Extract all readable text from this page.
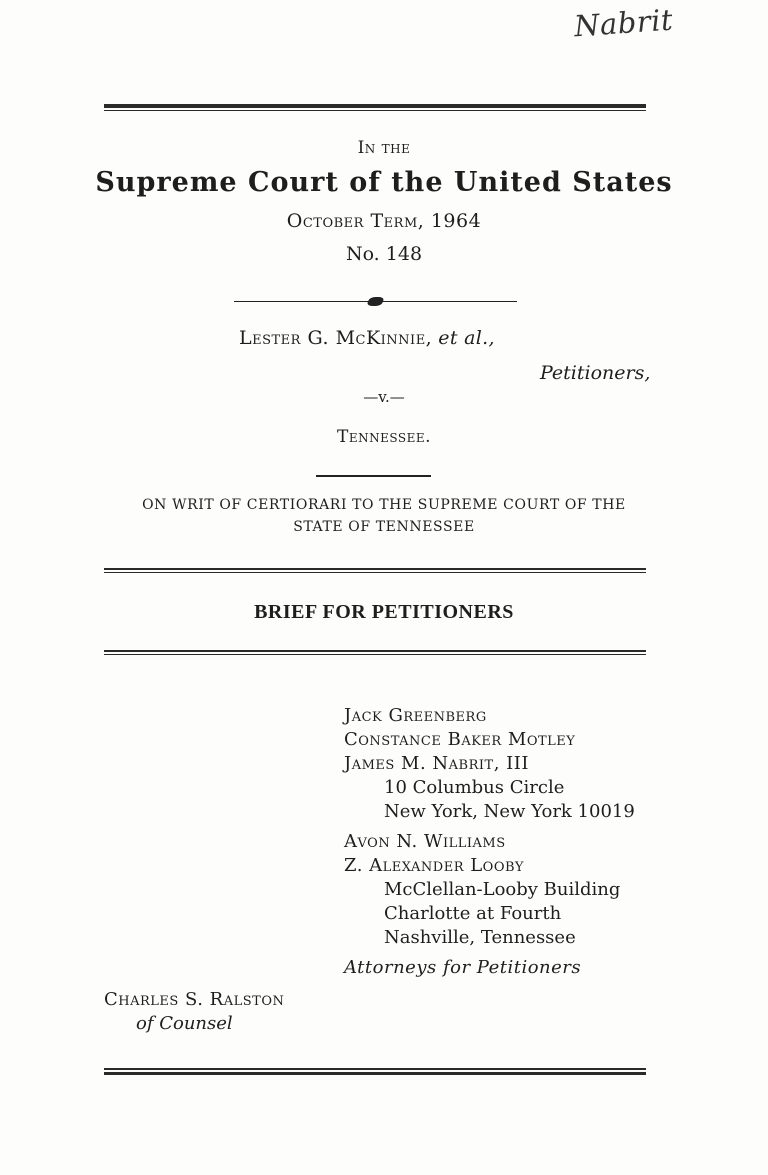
Nabrit
In the
Supreme Court of the United States
October Term, 1964
No. 148
Lester G. McKinnie, et al.,
Petitioners,
—v.—
Tennessee.
ON WRIT OF CERTIORARI TO THE SUPREME COURT OF THE
STATE OF TENNESSEE
BRIEF FOR PETITIONERS
Jack Greenberg
Constance Baker Motley
James M. Nabrit, III
10 Columbus Circle
New York, New York 10019
Avon N. Williams
Z. Alexander Looby
McClellan-Looby Building
Charlotte at Fourth
Nashville, Tennessee
Attorneys for Petitioners
Charles S. Ralston
of Counsel
